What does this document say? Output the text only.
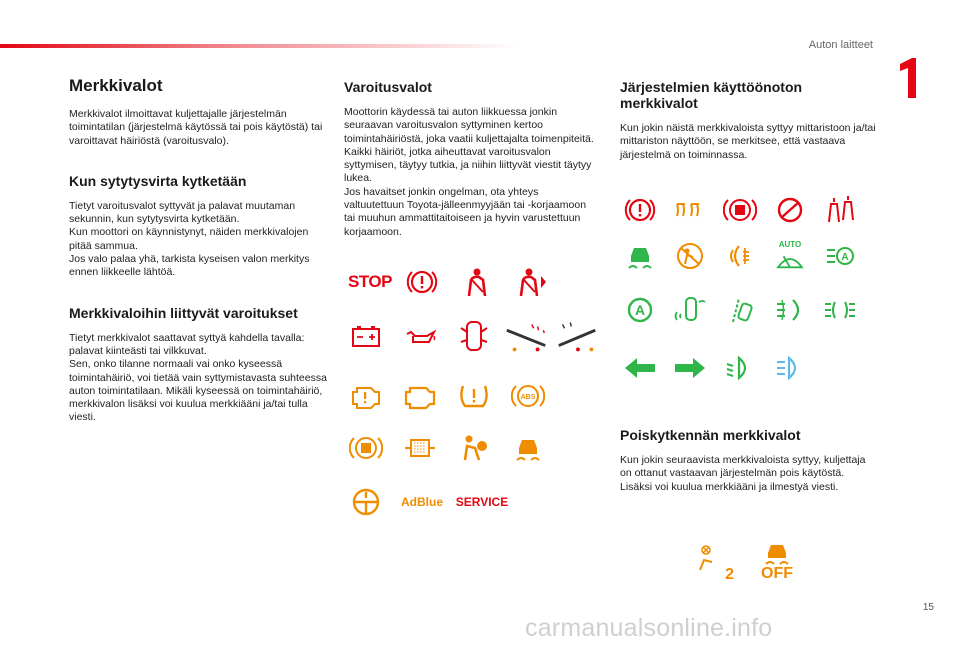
Auton laitteet
15
Merkkivalot

Merkkivalot ilmoittavat kuljettajalle järjestelmän toimintatilan (järjestelmä käytössä tai pois käytöstä) tai varoittavat häiriöstä (varoitusvalo).

Kun sytytysvirta kytketään

Tietyt varoitusvalot syttyvät ja palavat muutaman sekunnin, kun sytytysvirta kytketään.

Kun moottori on käynnistynyt, näiden merkkivalojen pitää sammua.

Jos valo palaa yhä, tarkista kyseisen valon merkitys ennen liikkeelle lähtöä.

Merkkivaloihin liittyvät varoitukset

Tietyt merkkivalot saattavat syttyä kahdella tavalla: palavat kiinteästi tai vilkkuvat.

Sen, onko tilanne normaali vai onko kyseessä toimintahäiriö, voi tietää vain syttymistavasta suhteessa auton toimintatilaan. Mikäli kyseessä on toimintahäiriö, merkkivalon lisäksi voi kuulua merkkiääni ja/tai tulla viesti.

Varoitusvalot

Moottorin käydessä tai auton liikkuessa jonkin seuraavan varoitusvalon syttyminen kertoo toimintahäiriöstä, joka vaatii kuljettajalta toimenpiteitä.

Kaikki häiriöt, jotka aiheuttavat varoitusvalon syttymisen, täytyy tutkia, ja niihin liittyvät viestit täytyy lukea.

Jos havaitset jonkin ongelman, ota yhteys valtuutettuun Toyota-jälleenmyyjään tai -korjaamoon tai muuhun ammattitaitoiseen ja hyvin varustettuun korjaamoon.

STOP
ABS
AdBlue SERVICE
Järjestelmien käyttöönoton merkkivalot

Kun jokin näistä merkkivaloista syttyy mittaristoon ja/tai mittariston näyttöön, se merkitsee, että vastaava järjestelmä on toiminnassa.

AUTO
A
A
Poiskytkennän merkkivalot

Kun jokin seuraavista merkkivaloista syttyy, kuljettaja on ottanut vastaavan järjestelmän pois käytöstä.

Lisäksi voi kuulua merkkiääni ja ilmestyä viesti.

2 OFF
carmanualsonline.info
